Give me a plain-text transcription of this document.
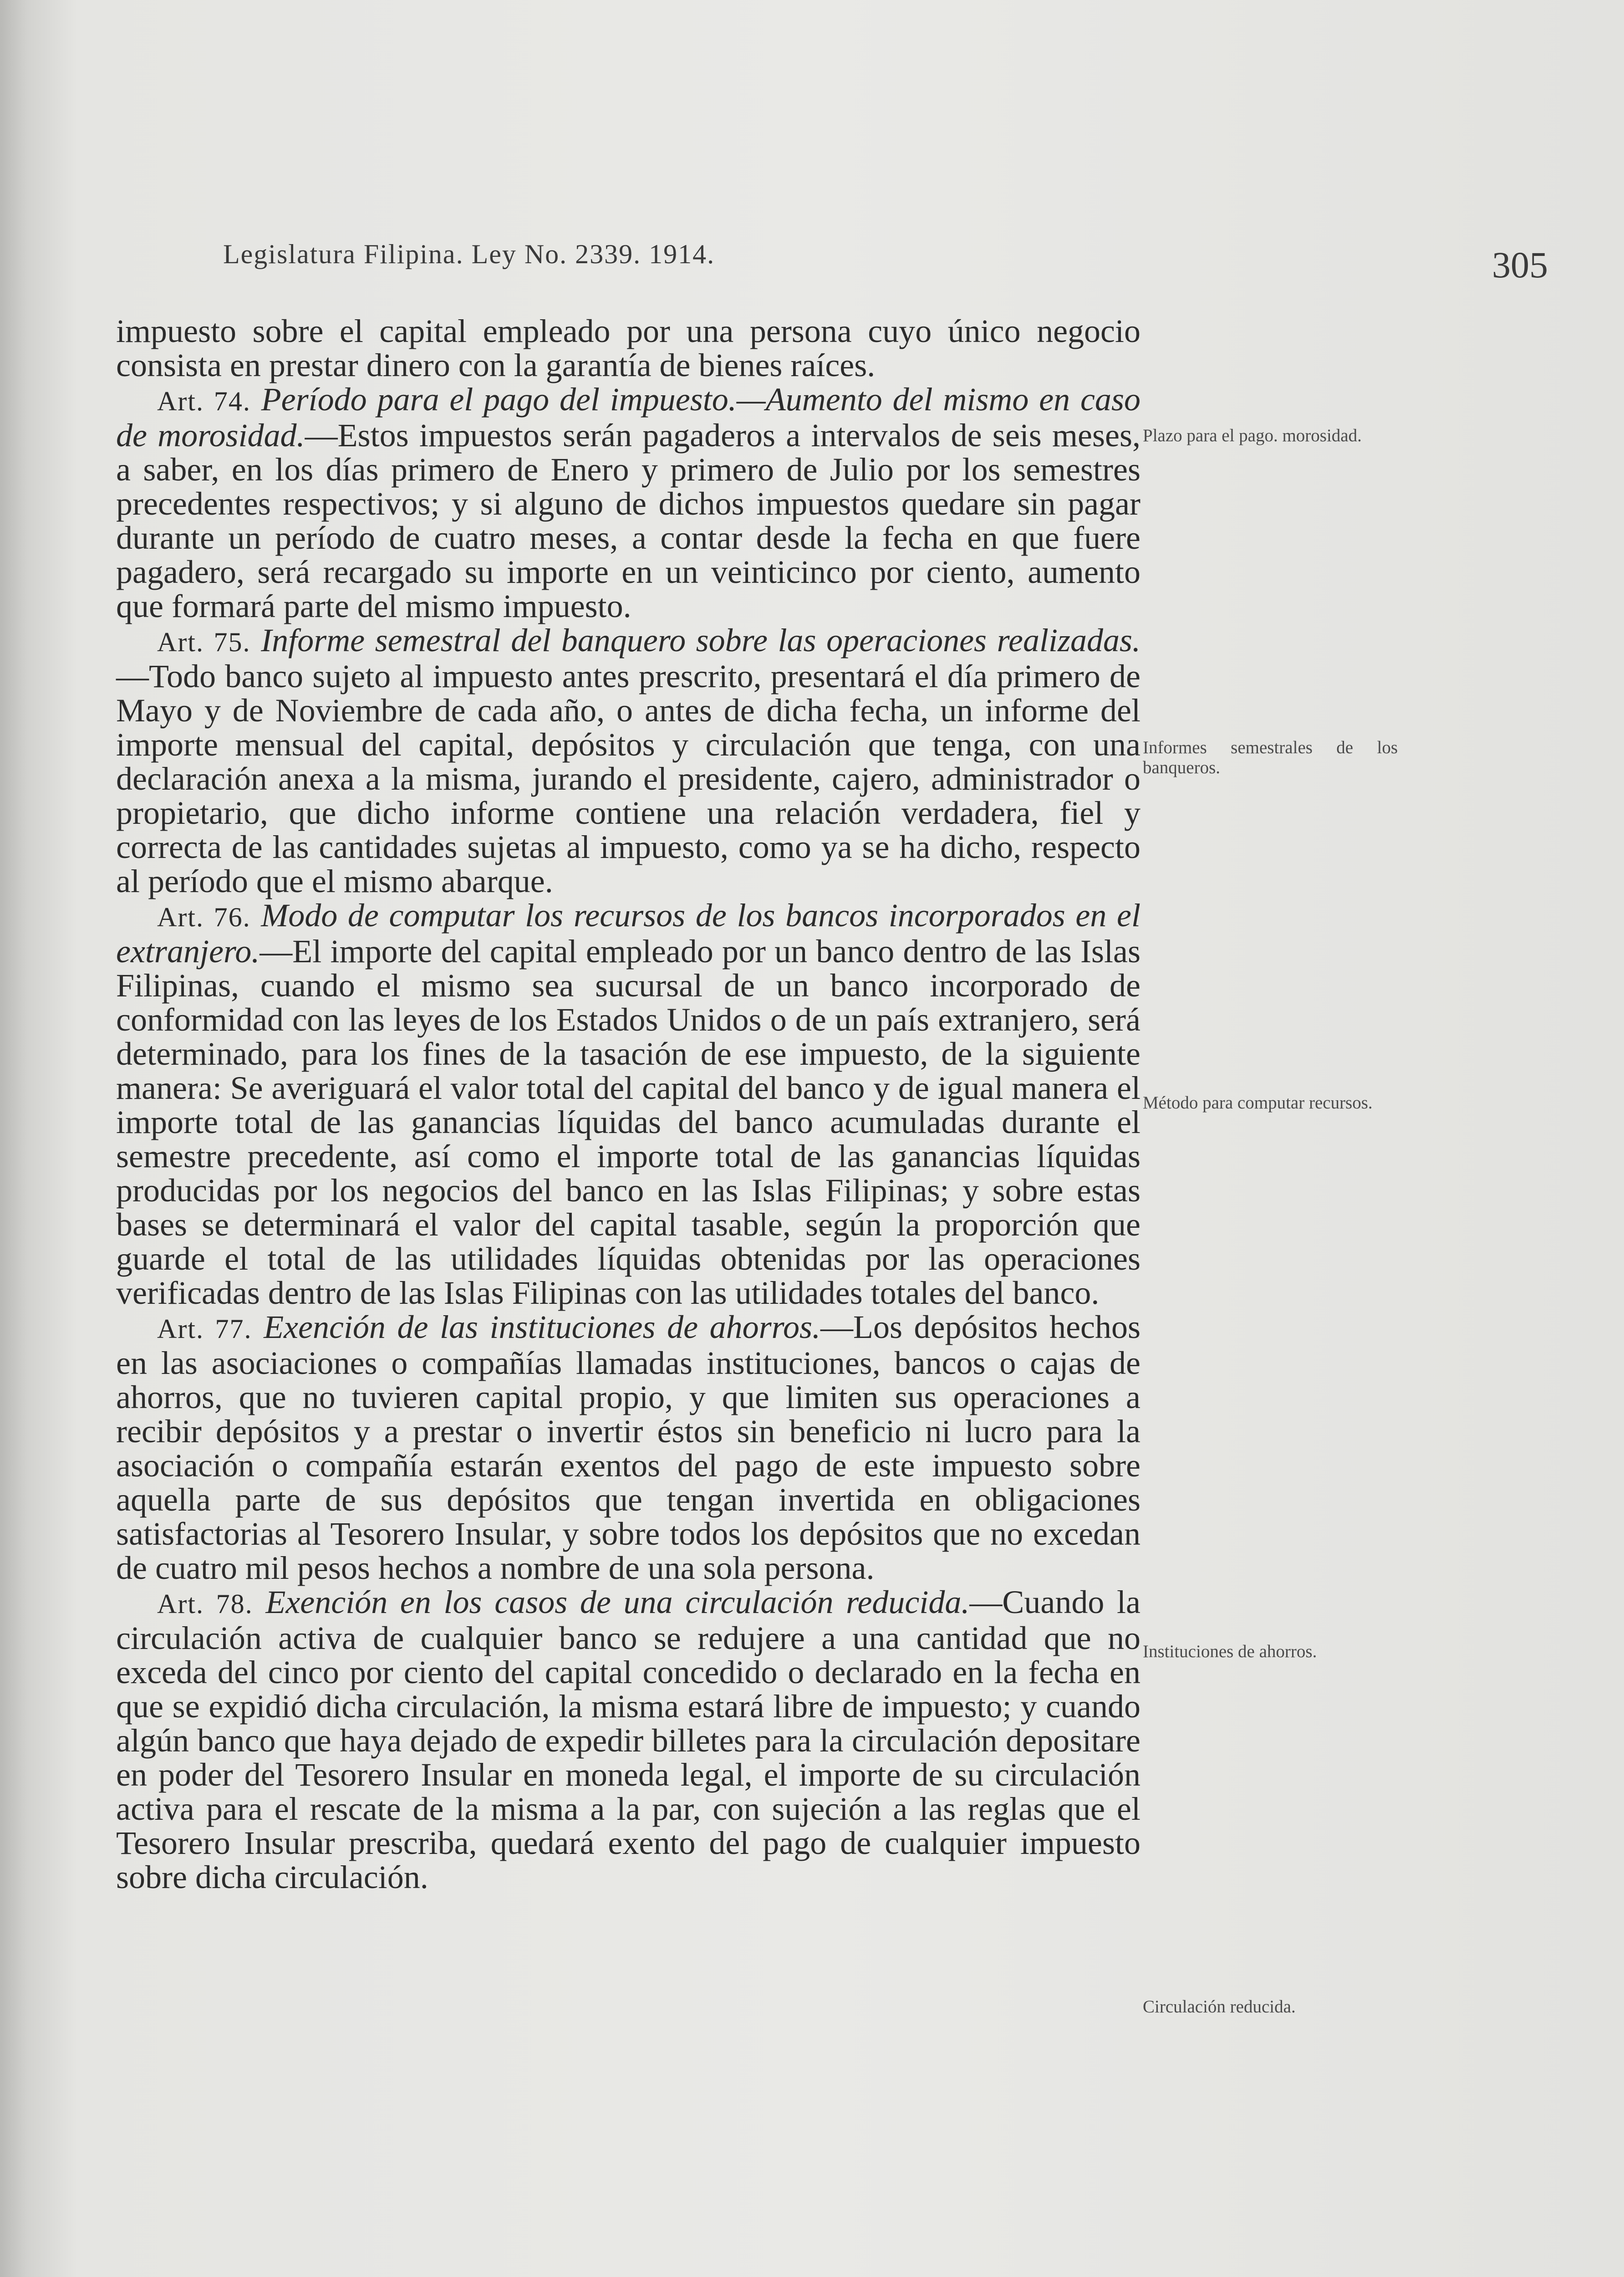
Legislatura Filipina. Ley No. 2339. 1914.	305

impuesto sobre el capital empleado por una persona cuyo único negocio consista en prestar dinero con la garantía de bienes raíces.

Art. 74. Período para el pago del impuesto.—Aumento del mismo en caso de morosidad.—Estos impuestos serán pagaderos a intervalos de seis meses, a saber, en los días primero de Enero y primero de Julio por los semestres precedentes respectivos; y si alguno de dichos impuestos quedare sin pagar durante un período de cuatro meses, a contar desde la fecha en que fuere pagadero, será recargado su importe en un veinticinco por ciento, aumento que formará parte del mismo impuesto.

Art. 75. Informe semestral del banquero sobre las operaciones realizadas.—Todo banco sujeto al impuesto antes prescrito, presentará el día primero de Mayo y de Noviembre de cada año, o antes de dicha fecha, un informe del importe mensual del capital, depósitos y circulación que tenga, con una declaración anexa a la misma, jurando el presidente, cajero, administrador o propietario, que dicho informe contiene una relación verdadera, fiel y correcta de las cantidades sujetas al impuesto, como ya se ha dicho, respecto al período que el mismo abarque.

Art. 76. Modo de computar los recursos de los bancos incorporados en el extranjero.—El importe del capital empleado por un banco dentro de las Islas Filipinas, cuando el mismo sea sucursal de un banco incorporado de conformidad con las leyes de los Estados Unidos o de un país extranjero, será determinado, para los fines de la tasación de ese impuesto, de la siguiente manera: Se averiguará el valor total del capital del banco y de igual manera el importe total de las ganancias líquidas del banco acumuladas durante el semestre precedente, así como el importe total de las ganancias líquidas producidas por los negocios del banco en las Islas Filipinas; y sobre estas bases se determinará el valor del capital tasable, según la proporción que guarde el total de las utilidades líquidas obtenidas por las operaciones verificadas dentro de las Islas Filipinas con las utilidades totales del banco.

Art. 77. Exención de las instituciones de ahorros.—Los depósitos hechos en las asociaciones o compañías llamadas instituciones, bancos o cajas de ahorros, que no tuvieren capital propio, y que limiten sus operaciones a recibir depósitos y a prestar o invertir éstos sin beneficio ni lucro para la asociación o compañía estarán exentos del pago de este impuesto sobre aquella parte de sus depósitos que tengan invertida en obligaciones satisfactorias al Tesorero Insular, y sobre todos los depósitos que no excedan de cuatro mil pesos hechos a nombre de una sola persona.

Art. 78. Exención en los casos de una circulación reducida.—Cuando la circulación activa de cualquier banco se redujere a una cantidad que no exceda del cinco por ciento del capital concedido o declarado en la fecha en que se expidió dicha circulación, la misma estará libre de impuesto; y cuando algún banco que haya dejado de expedir billetes para la circulación depositare en poder del Tesorero Insular en moneda legal, el importe de su circulación activa para el rescate de la misma a la par, con sujeción a las reglas que el Tesorero Insular prescriba, quedará exento del pago de cualquier impuesto sobre dicha circulación.

Plazo para el pago. morosidad.
Informes semestrales de los banqueros.
Método para computar recursos.
Instituciones de ahorros.
Circulación reducida.
